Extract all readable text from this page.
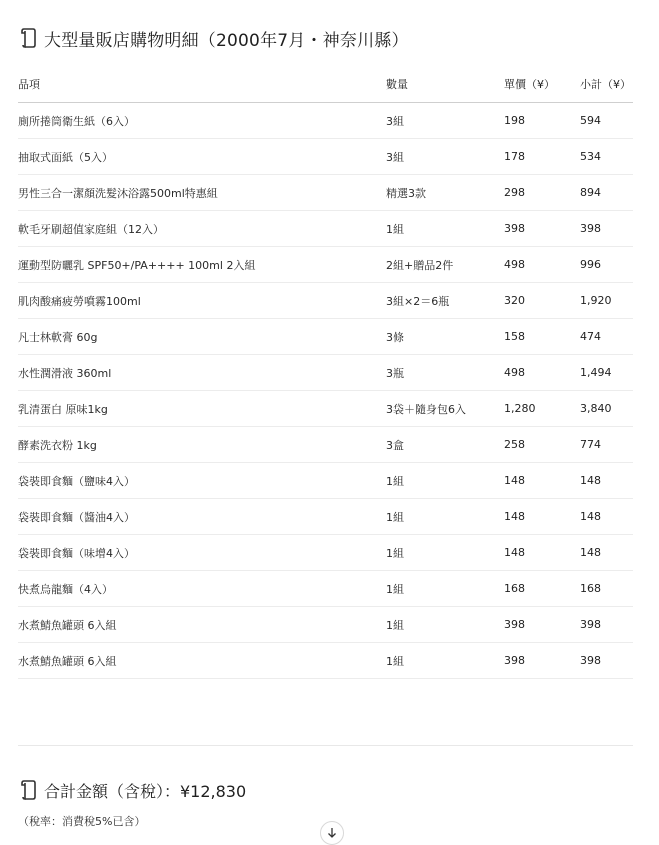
大型量販店購物明細（2000年7月・神奈川縣）
品項	數量	單價（¥）	小計（¥）
廁所捲筒衛生紙（6入）	3組	198	594
抽取式面紙（5入）	3組	178	534
男性三合一潔顏洗髮沐浴露500ml特惠組	精選3款	298	894
軟毛牙刷超值家庭組（12入）	1組	398	398
運動型防曬乳 SPF50+/PA++++ 100ml 2入組	2組+贈品2件	498	996
肌肉酸痛疲勞噴霧100ml	3組×2＝6瓶	320	1,920
凡士林軟膏 60g	3條	158	474
水性潤滑液 360ml	3瓶	498	1,494
乳清蛋白 原味1kg	3袋＋隨身包6入	1,280	3,840
酵素洗衣粉 1kg	3盒	258	774
袋裝即食麵（鹽味4入）	1組	148	148
袋裝即食麵（醬油4入）	1組	148	148
袋裝即食麵（味增4入）	1組	148	148
快煮烏龍麵（4入）	1組	168	168
水煮鯖魚罐頭 6入組	1組	398	398
水煮鯖魚罐頭 6入組	1組	398	398
合計金額（含稅）：¥12,830
（稅率：消費稅5%已含）
